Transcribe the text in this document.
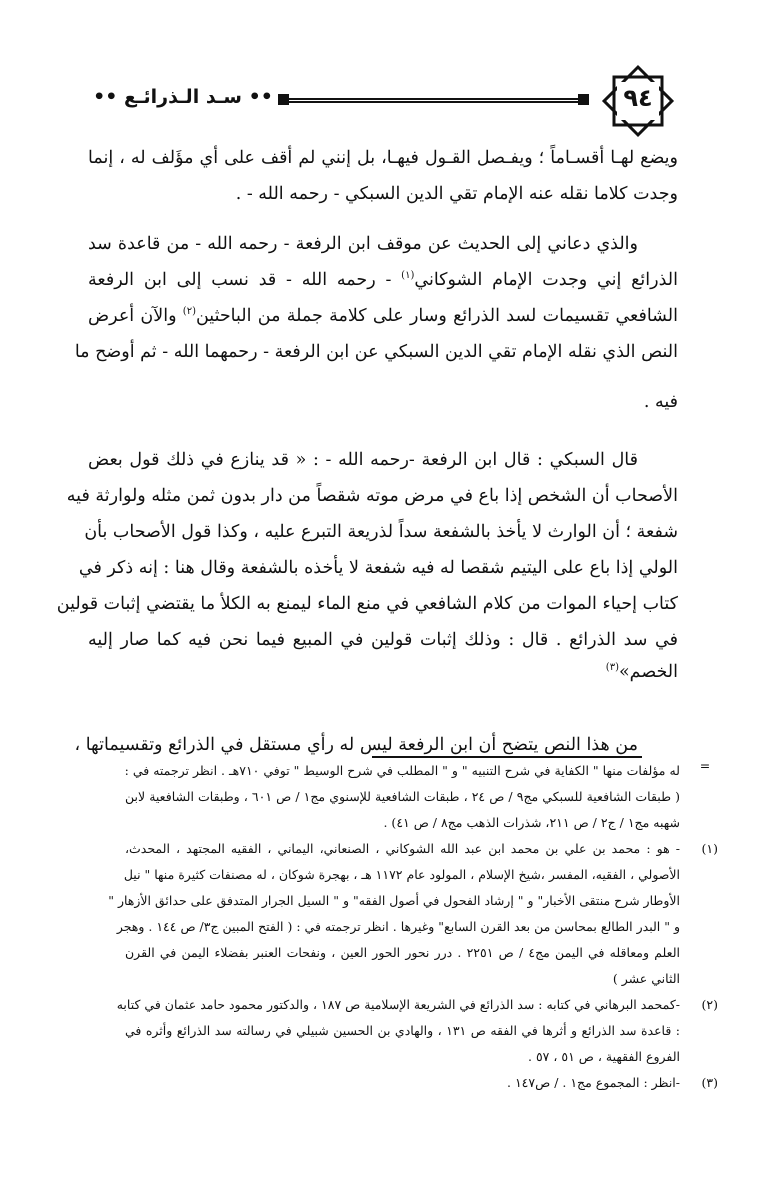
•• سـد الـذرائـع ••	٩٤
ويضع لهـا أقسـاماً ؛ ويفـصل القـول فيهـا، بل إنني لم أقف على أي مؤَلف له ، إنما
وجدت كلاما نقله عنه الإمام تقي الدين السبكي - رحمه الله - .
والذي دعاني إلى الحديث عن موقف ابن الرفعة - رحمه الله - من قاعدة سد
الذرائع إني وجدت الإمام الشوكاني$^{(١)}$ - رحمه الله - قد نسب إلى ابن الرفعة
الشافعي تقسيمات لسد الذرائع وسار على كلامة جملة من الباحثين$^{(٢)}$ والآن أعرض
النص الذي نقله الإمام تقي الدين السبكي عن ابن الرفعة - رحمهما الله - ثم أوضح ما
فيه .
قال السبكي : قال ابن الرفعة -رحمه الله - : « قد ينازع في ذلك قول بعض
الأصحاب أن الشخص إذا باع في مرض موته شقصاً من دار بدون ثمن مثله ولوارثة فيه
شفعة ؛ أن الوارث لا يأخذ بالشفعة سداً لذريعة التبرع عليه ، وكذا قول الأصحاب بأن
الولي إذا باع على اليتيم شقصا له فيه شفعة لا يأخذه بالشفعة وقال هنا : إنه ذكر في
كتاب إحياء الموات من كلام الشافعي في منع الماء ليمنع به الكلأ ما يقتضي إثبات قولين
في سد الذرائع . قال : وذلك إثبات قولين في المبيع فيما نحن فيه كما صار إليه
الخصم»$^{(٣)}$
من هذا النص يتضح أن ابن الرفعة ليس له رأي مستقل في الذرائع وتقسيماتها ،
=
له مؤلفات منها " الكفاية في شرح التنبيه " و " المطلب في شرح الوسيط " توفي ٧١٠هـ . انظر ترجمته في :
( طبقات الشافعية للسبكي مج٩ / ص ٢٤ ، طبقات الشافعية للإسنوي مج١ / ص ٦٠١ ، وطبقات الشافعية لابن
شهبه مج١ / ج٢ / ص ٢١١، شذرات الذهب مج٨ / ص ٤١) .
(١)
- هو : محمد بن علي بن محمد ابن عبد الله الشوكاني ، الصنعاني، اليماني ، الفقيه المجتهد ، المحدث،
الأصولي ، الفقيه، المفسر ،شيخ الإسلام ، المولود عام ١١٧٢ هـ ، بهجرة شوكان ، له مصنفات كثيرة منها " نيل
الأوطار شرح منتقى الأخبار" و " إرشاد الفحول في أصول الفقه" و " السيل الجرار المتدفق على حدائق الأزهار "
و " البدر الطالع بمحاسن من بعد القرن السابع" وغيرها . انظر ترجمته في : ( الفتح المبين ج٣/ ص ١٤٤ . وهجر
العلم ومعاقله في اليمن مج٤ / ص ٢٢٥١ . درر نحور الحور العين ، ونفحات العنبر بفضلاء اليمن في القرن
الثاني عشر )
(٢)
-كمحمد البرهاني في كتابه : سد الذرائع في الشريعة الإسلامية ص ١٨٧ ، والدكتور محمود حامد عثمان في كتابه
: قاعدة سد الذرائع و أثرها في الفقه ص ١٣١ ، والهادي بن الحسين شبيلي في رسالته سد الذرائع وأثره في
الفروع الفقهية ، ص ٥١ ، ٥٧ .
(٣)
-انظر : المجموع مج١ . / ص١٤٧ .
